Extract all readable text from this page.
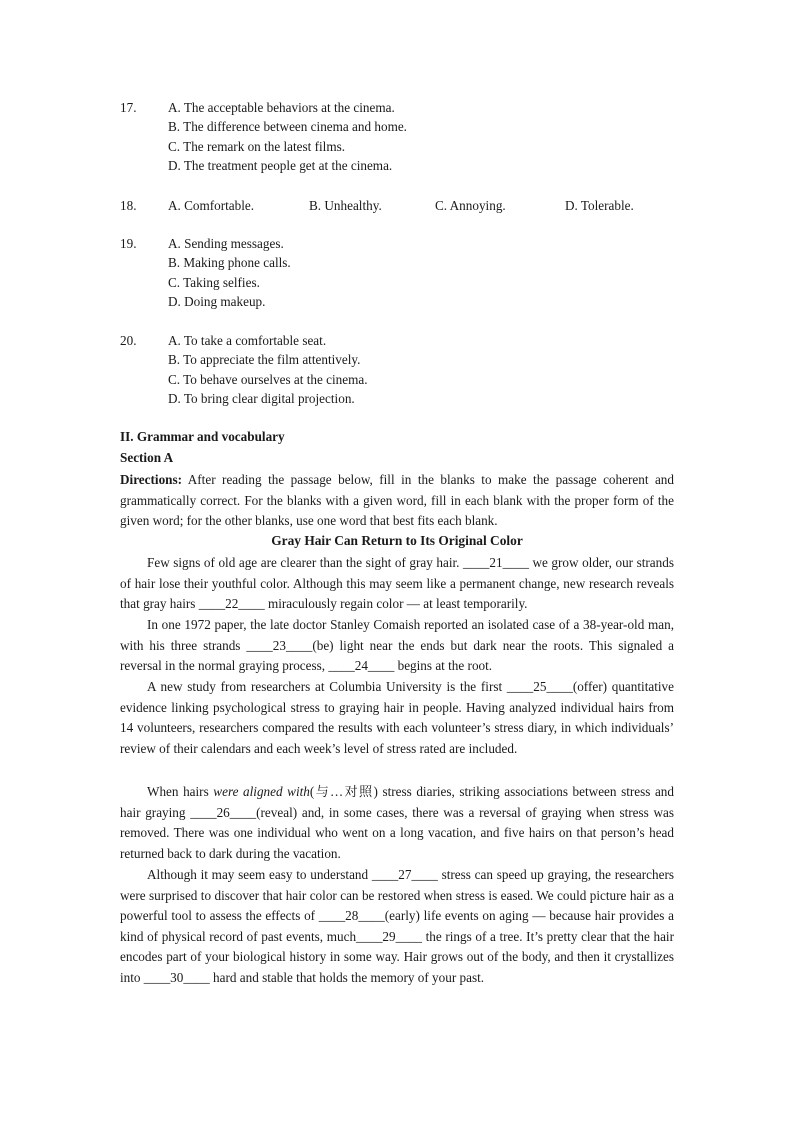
17. A. The acceptable behaviors at the cinema.
B. The difference between cinema and home.
C. The remark on the latest films.
D. The treatment people get at the cinema.
18. A. Comfortable.	B. Unhealthy.	C. Annoying.	D. Tolerable.
19. A. Sending messages.
B. Making phone calls.
C. Taking selfies.
D. Doing makeup.
20. A. To take a comfortable seat.
B. To appreciate the film attentively.
C. To behave ourselves at the cinema.
D. To bring clear digital projection.
II. Grammar and vocabulary
Section A
Directions: After reading the passage below, fill in the blanks to make the passage coherent and grammatically correct. For the blanks with a given word, fill in each blank with the proper form of the given word; for the other blanks, use one word that best fits each blank.
Gray Hair Can Return to Its Original Color
Few signs of old age are clearer than the sight of gray hair. ____21____ we grow older, our strands of hair lose their youthful color. Although this may seem like a permanent change, new research reveals that gray hairs ____22____ miraculously regain color — at least temporarily.
In one 1972 paper, the late doctor Stanley Comaish reported an isolated case of a 38-year-old man, with his three strands ____23____(be) light near the ends but dark near the roots. This signaled a reversal in the normal graying process, ____24____ begins at the root.
A new study from researchers at Columbia University is the first ____25____(offer) quantitative evidence linking psychological stress to graying hair in people. Having analyzed individual hairs from 14 volunteers, researchers compared the results with each volunteer’s stress diary, in which individuals’ review of their calendars and each week’s level of stress rated are included.
When hairs were aligned with(与…对照) stress diaries, striking associations between stress and hair graying ____26____(reveal) and, in some cases, there was a reversal of graying when stress was removed. There was one individual who went on a long vacation, and five hairs on that person’s head returned back to dark during the vacation.
Although it may seem easy to understand ____27____ stress can speed up graying, the researchers were surprised to discover that hair color can be restored when stress is eased. We could picture hair as a powerful tool to assess the effects of ____28____(early) life events on aging — because hair provides a kind of physical record of past events, much____29____ the rings of a tree. It’s pretty clear that the hair encodes part of your biological history in some way. Hair grows out of the body, and then it crystallizes into ____30____ hard and stable that holds the memory of your past.
